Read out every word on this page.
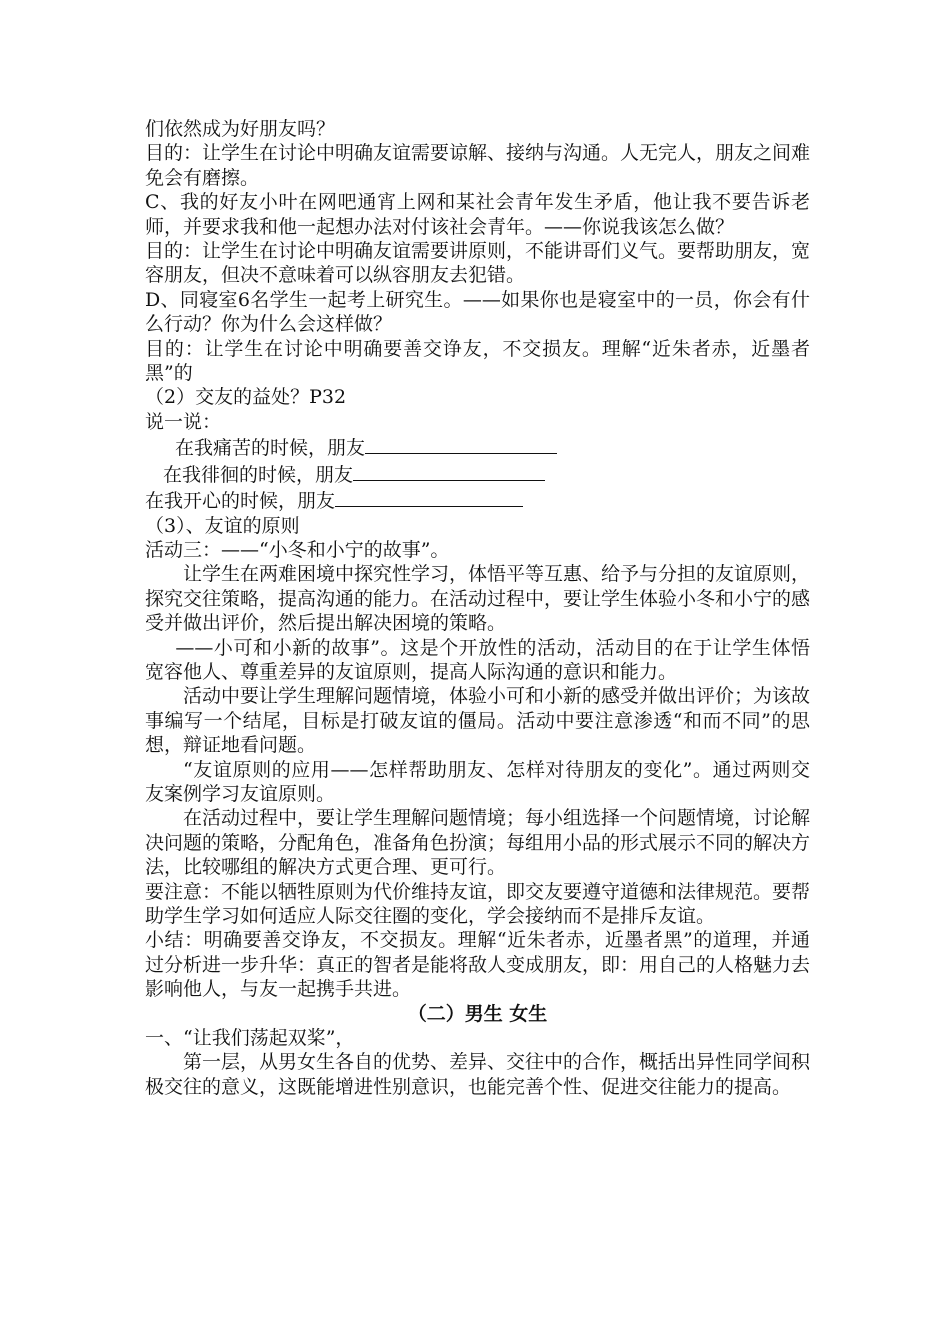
们依然成为好朋友吗？

目的：让学生在讨论中明确友谊需要谅解、接纳与沟通。人无完人，朋友之间难免会有磨擦。

C、我的好友小叶在网吧通宵上网和某社会青年发生矛盾，他让我不要告诉老师，并要求我和他一起想办法对付该社会青年。——你说我该怎么做？

目的：让学生在讨论中明确友谊需要讲原则，不能讲哥们义气。要帮助朋友，宽容朋友，但决不意味着可以纵容朋友去犯错。

D、同寝室6名学生一起考上研究生。——如果你也是寝室中的一员，你会有什么行动？你为什么会这样做？

目的：让学生在讨论中明确要善交诤友，不交损友。理解“近朱者赤，近墨者黑”的

（2）交友的益处？P32

说一说：

在我痛苦的时候，朋友

在我徘徊的时候，朋友

在我开心的时候，朋友

（3）、友谊的原则

活动三：——“小冬和小宁的故事”。

让学生在两难困境中探究性学习，体悟平等互惠、给予与分担的友谊原则，探究交往策略，提高沟通的能力。在活动过程中，要让学生体验小冬和小宁的感受并做出评价，然后提出解决困境的策略。

——小可和小新的故事”。这是个开放性的活动，活动目的在于让学生体悟宽容他人、尊重差异的友谊原则，提高人际沟通的意识和能力。

活动中要让学生理解问题情境，体验小可和小新的感受并做出评价；为该故事编写一个结尾，目标是打破友谊的僵局。活动中要注意渗透“和而不同”的思想，辩证地看问题。

“友谊原则的应用——怎样帮助朋友、怎样对待朋友的变化”。通过两则交友案例学习友谊原则。

在活动过程中，要让学生理解问题情境；每小组选择一个问题情境，讨论解决问题的策略，分配角色，准备角色扮演；每组用小品的形式展示不同的解决方法，比较哪组的解决方式更合理、更可行。

要注意：不能以牺牲原则为代价维持友谊，即交友要遵守道德和法律规范。要帮助学生学习如何适应人际交往圈的变化，学会接纳而不是排斥友谊。

小结：明确要善交诤友，不交损友。理解“近朱者赤，近墨者黑”的道理，并通过分析进一步升华：真正的智者是能将敌人变成朋友，即：用自己的人格魅力去影响他人，与友一起携手共进。

（二）男生 女生

一、“让我们荡起双桨”，

第一层，从男女生各自的优势、差异、交往中的合作，概括出异性同学间积极交往的意义，这既能增进性别意识，也能完善个性、促进交往能力的提高。
